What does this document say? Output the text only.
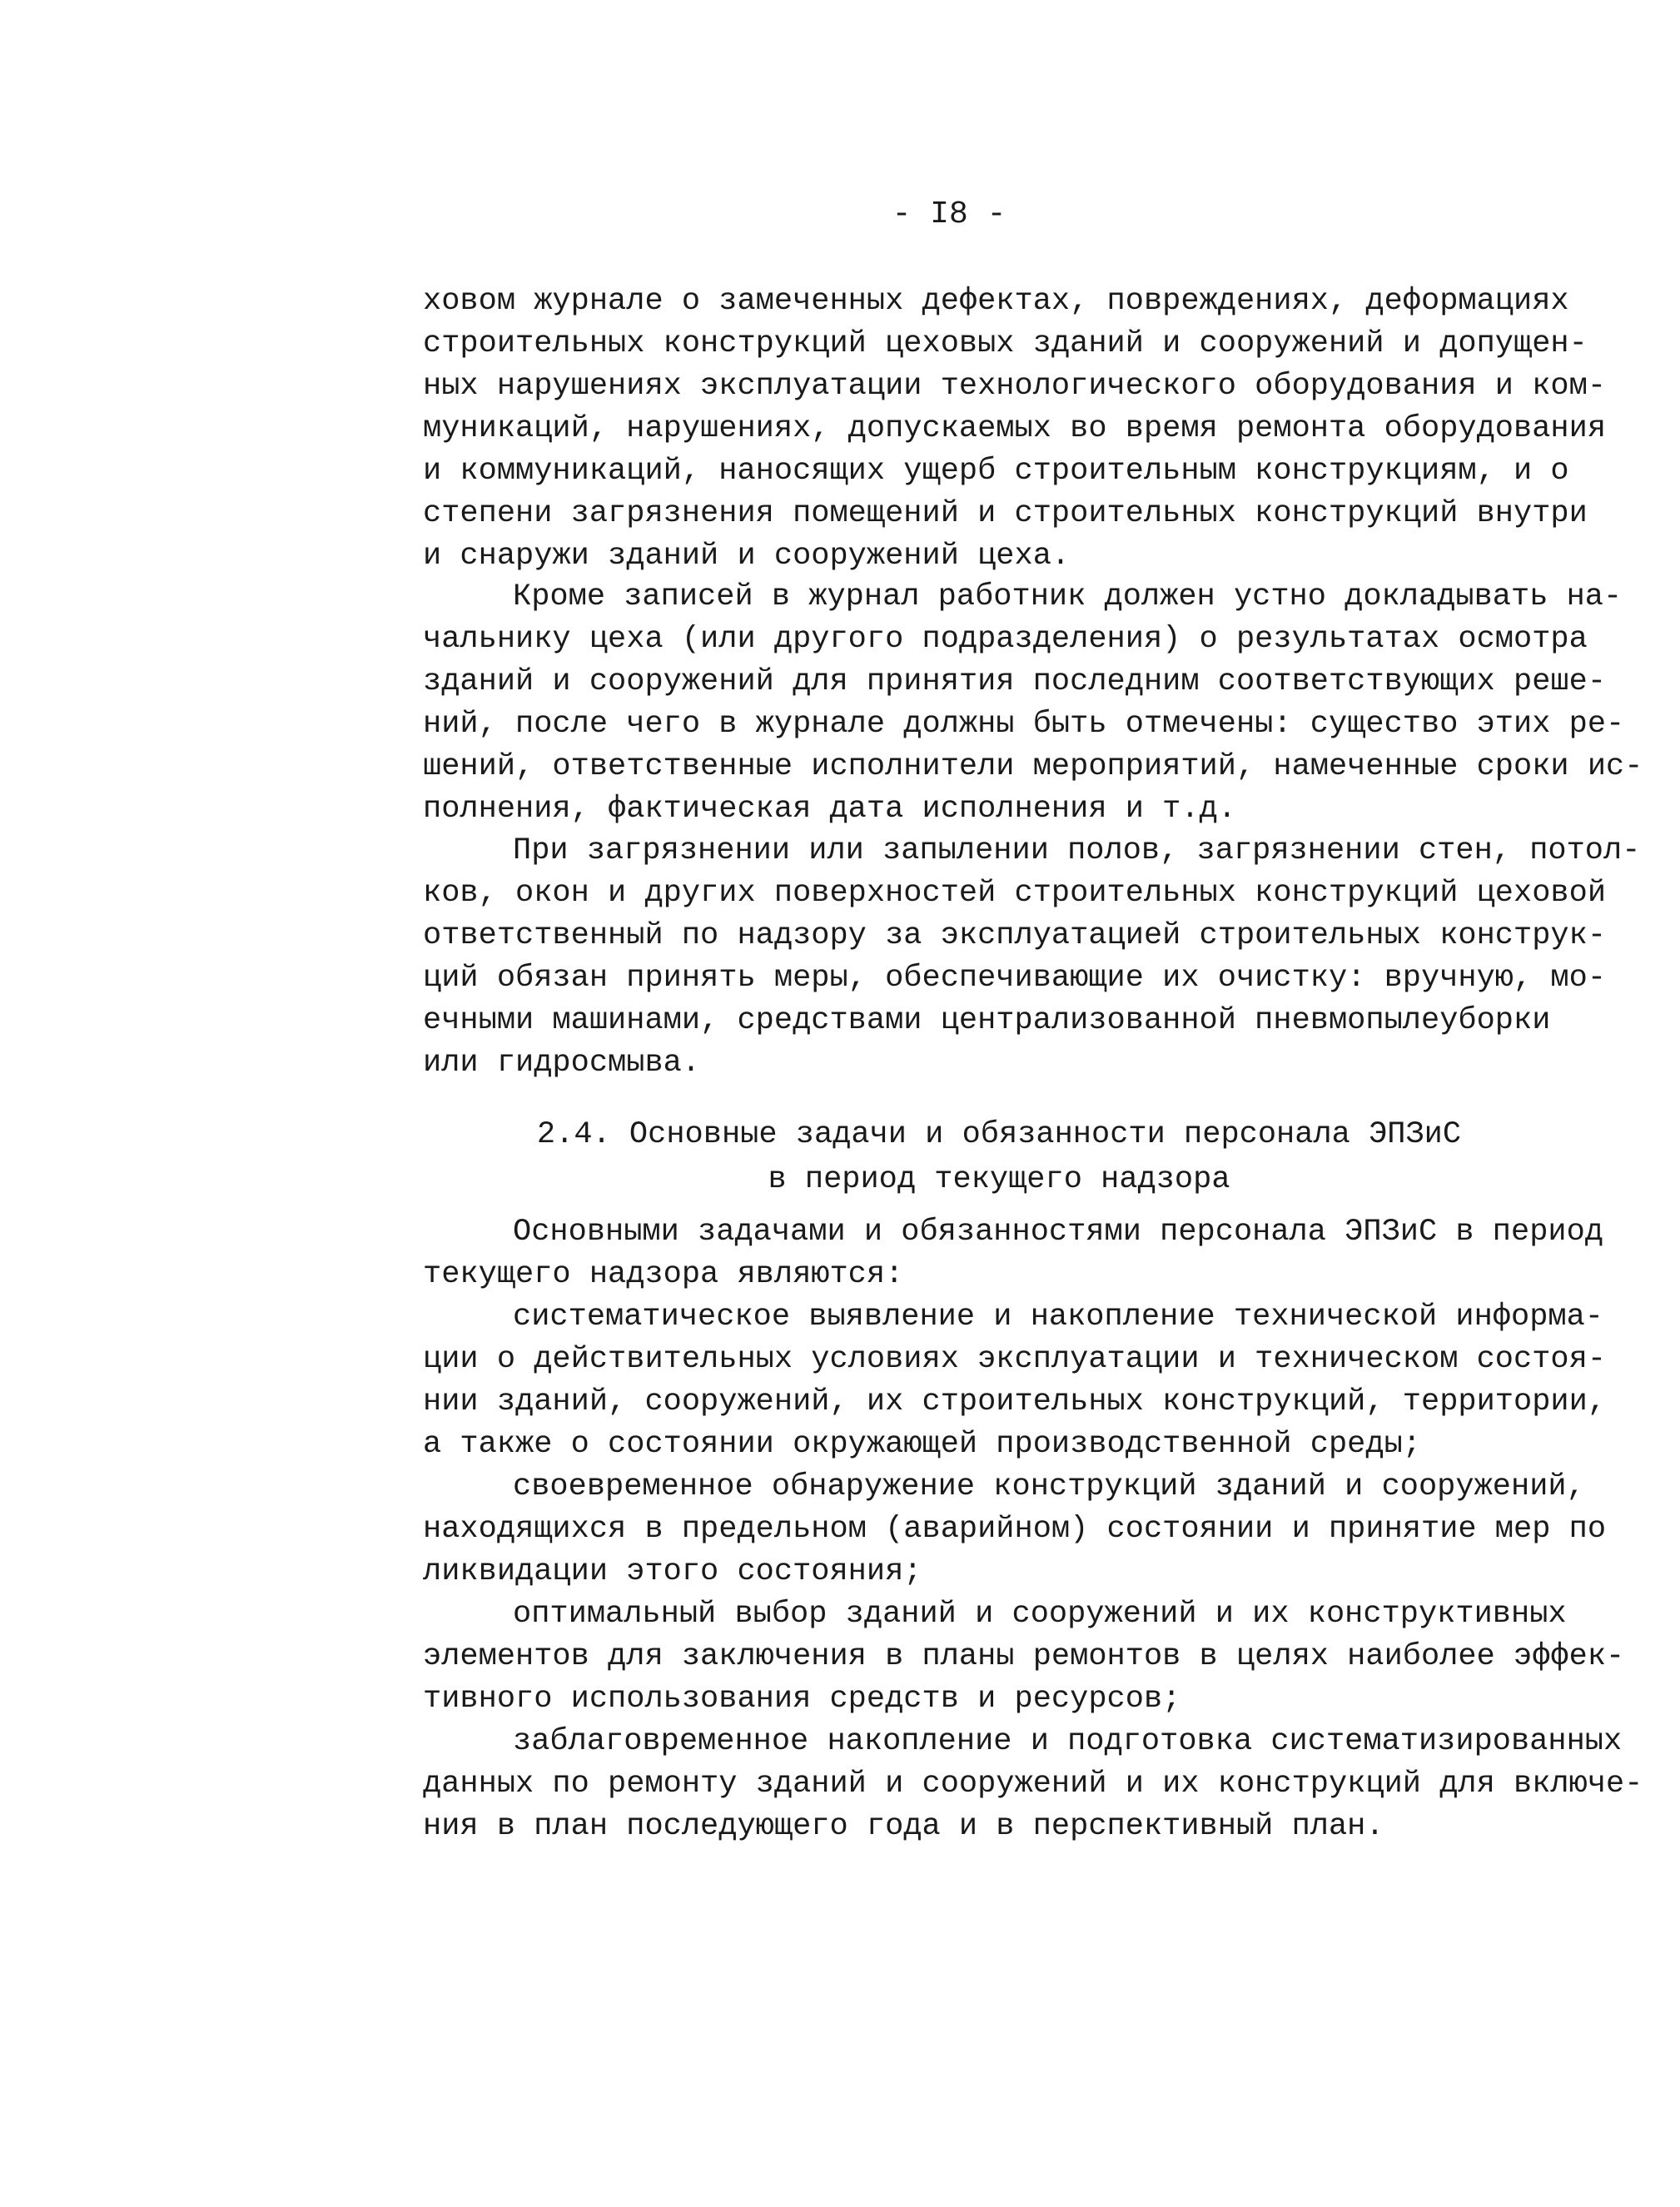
- I8 -
ховом журнале о замеченных дефектах, повреждениях, деформациях
строительных конструкций цеховых зданий и сооружений и допущен-
ных нарушениях эксплуатации технологического оборудования и ком-
муникаций, нарушениях, допускаемых во время ремонта оборудования
и коммуникаций, наносящих ущерб строительным конструкциям, и о
степени загрязнения помещений и строительных конструкций внутри
и снаружи зданий и сооружений цеха.
Кроме записей в журнал работник должен устно докладывать на-
чальнику цеха (или другого подразделения) о результатах осмотра
зданий и сооружений для принятия последним соответствующих реше-
ний, после чего в журнале должны быть отмечены: существо этих ре-
шений, ответственные исполнители мероприятий, намеченные сроки ис-
полнения, фактическая дата исполнения и т.д.
При загрязнении или запылении полов, загрязнении стен, потол-
ков, окон и других поверхностей строительных конструкций цеховой
ответственный по надзору за эксплуатацией строительных конструк-
ций обязан принять меры, обеспечивающие их очистку: вручную, мо-
ечными машинами, средствами централизованной пневмопылеуборки
или гидросмыва.
2.4. Основные задачи и обязанности персонала ЭПЗиС
в период текущего надзора
Основными задачами и обязанностями персонала ЭПЗиС в период
текущего надзора являются:
систематическое выявление и накопление технической информа-
ции о действительных условиях эксплуатации и техническом состоя-
нии зданий, сооружений, их строительных конструкций, территории,
а также о состоянии окружающей производственной среды;
своевременное обнаружение конструкций зданий и сооружений,
находящихся в предельном (аварийном) состоянии и принятие мер по
ликвидации этого состояния;
оптимальный выбор зданий и сооружений и их конструктивных
элементов для заключения в планы ремонтов в целях наиболее эффек-
тивного использования средств и ресурсов;
заблаговременное накопление и подготовка систематизированных
данных по ремонту зданий и сооружений и их конструкций для включе-
ния в план последующего года и в перспективный план.
